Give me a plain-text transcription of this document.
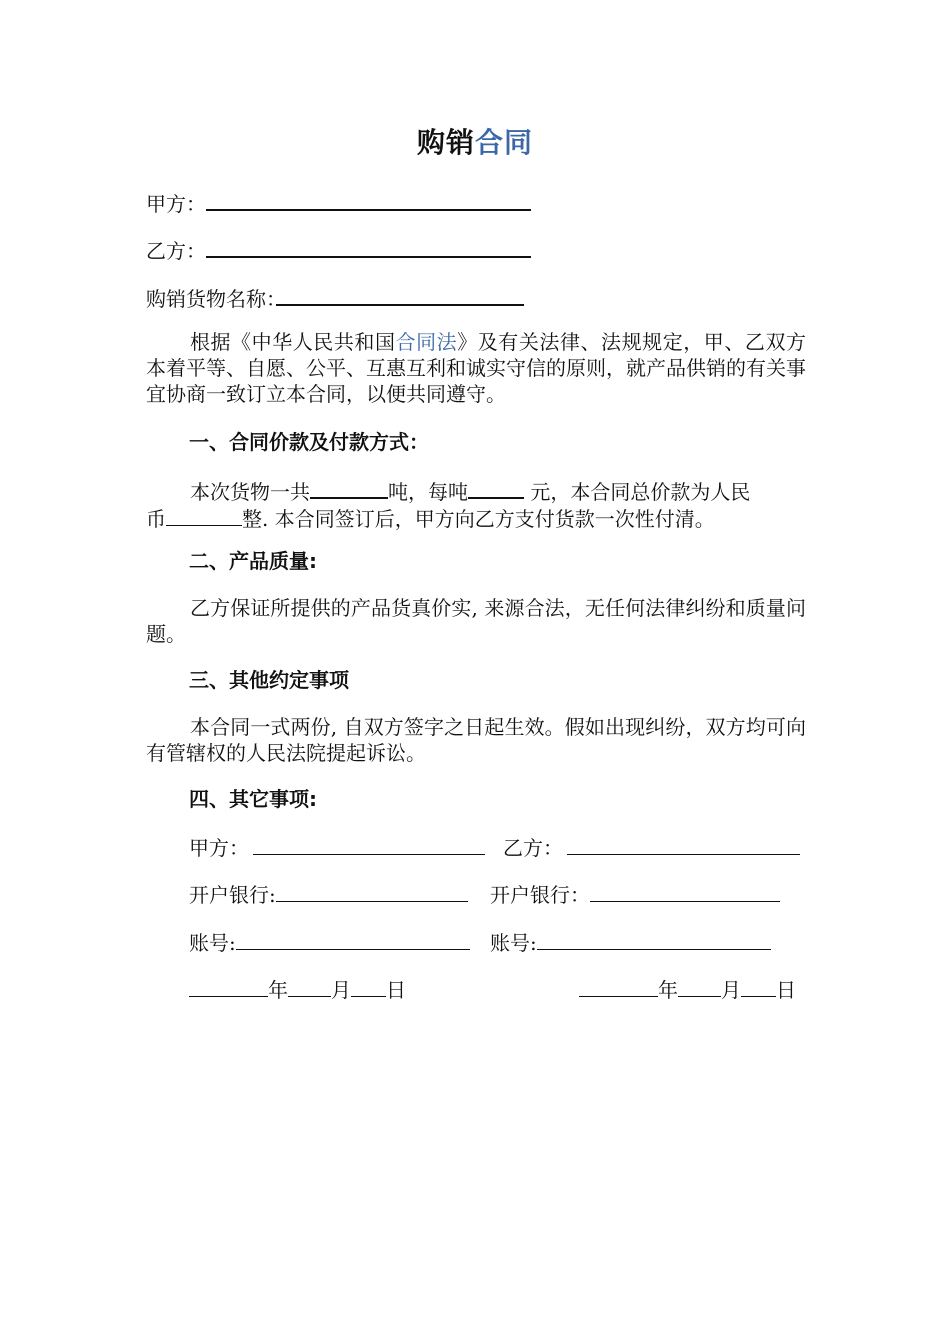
购销合同
甲方：
乙方：
购销货物名称：
根据《中华人民共和国合同法》及有关法律、法规规定，甲、乙双方本着平等、自愿、公平、互惠互利和诚实守信的原则，就产品供销的有关事宜协商一致订立本合同，以便共同遵守。
一、合同价款及付款方式：
本次货物一共	吨，每吨	元，本合同总价款为人民
币	整. 本合同签订后，甲方向乙方支付货款一次性付清。
二、产品质量:
乙方保证所提供的产品货真价实, 来源合法，无任何法律纠纷和质量问题。
三、其他约定事项
本合同一式两份, 自双方签字之日起生效。假如出现纠纷，双方均可向有管辖权的人民法院提起诉讼。
四、其它事项:
甲方：	乙方：
开户银行:	开户银行：
账号:	账号:
年 月 日	年 月 日
